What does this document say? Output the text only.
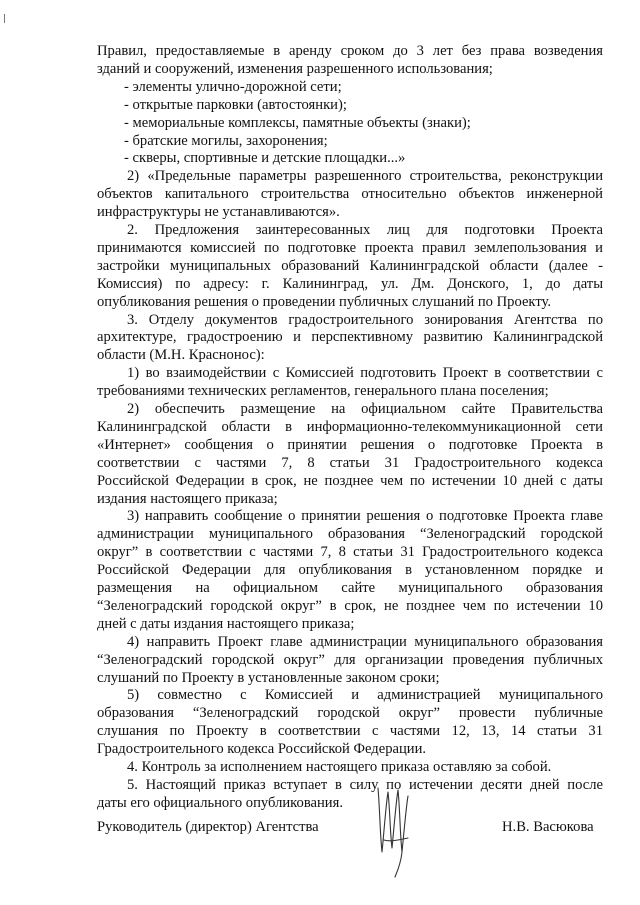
Правил, предоставляемые в аренду сроком до 3 лет без права возведения
зданий и сооружений, изменения разрешенного использования;
- элементы улично-дорожной сети;
- открытые парковки (автостоянки);
- мемориальные комплексы, памятные объекты (знаки);
- братские могилы, захоронения;
- скверы, спортивные и детские площадки...»
2) «Предельные параметры разрешенного строительства, реконструкции
объектов капитального строительства относительно объектов инженерной
инфраструктуры не устанавливаются».
2. Предложения заинтересованных лиц для подготовки Проекта
принимаются комиссией по подготовке проекта правил землепользования и
застройки муниципальных образований Калининградской области (далее -
Комиссия) по адресу: г. Калининград, ул. Дм. Донского, 1, до даты
опубликования решения о проведении публичных слушаний по Проекту.
3. Отделу документов градостроительного зонирования Агентства по
архитектуре, градостроению и перспективному развитию Калининградской
области (М.Н. Краснонос):
1) во взаимодействии с Комиссией подготовить Проект в соответствии с
требованиями технических регламентов, генерального плана поселения;
2) обеспечить размещение на официальном сайте Правительства
Калининградской области в информационно-телекоммуникационной сети
«Интернет» сообщения о принятии решения о подготовке Проекта в
соответствии с частями 7, 8 статьи 31 Градостроительного кодекса
Российской Федерации в срок, не позднее чем по истечении 10 дней с даты
издания настоящего приказа;
3) направить сообщение о принятии решения о подготовке Проекта главе
администрации муниципального образования “Зеленоградский городской
округ” в соответствии с частями 7, 8 статьи 31 Градостроительного кодекса
Российской Федерации для опубликования в установленном порядке и
размещения на официальном сайте муниципального образования
“Зеленоградский городской округ” в срок, не позднее чем по истечении 10
дней с даты издания настоящего приказа;
4) направить Проект главе администрации муниципального образования
“Зеленоградский городской округ” для организации проведения публичных
слушаний по Проекту в установленные законом сроки;
5) совместно с Комиссией и администрацией муниципального
образования “Зеленоградский городской округ” провести публичные
слушания по Проекту в соответствии с частями 12, 13, 14 статьи 31
Градостроительного кодекса Российской Федерации.
4. Контроль за исполнением настоящего приказа оставляю за собой.
5. Настоящий приказ вступает в силу по истечении десяти дней после
даты его официального опубликования.
Руководитель (директор) Агентства	Н.В. Васюкова
